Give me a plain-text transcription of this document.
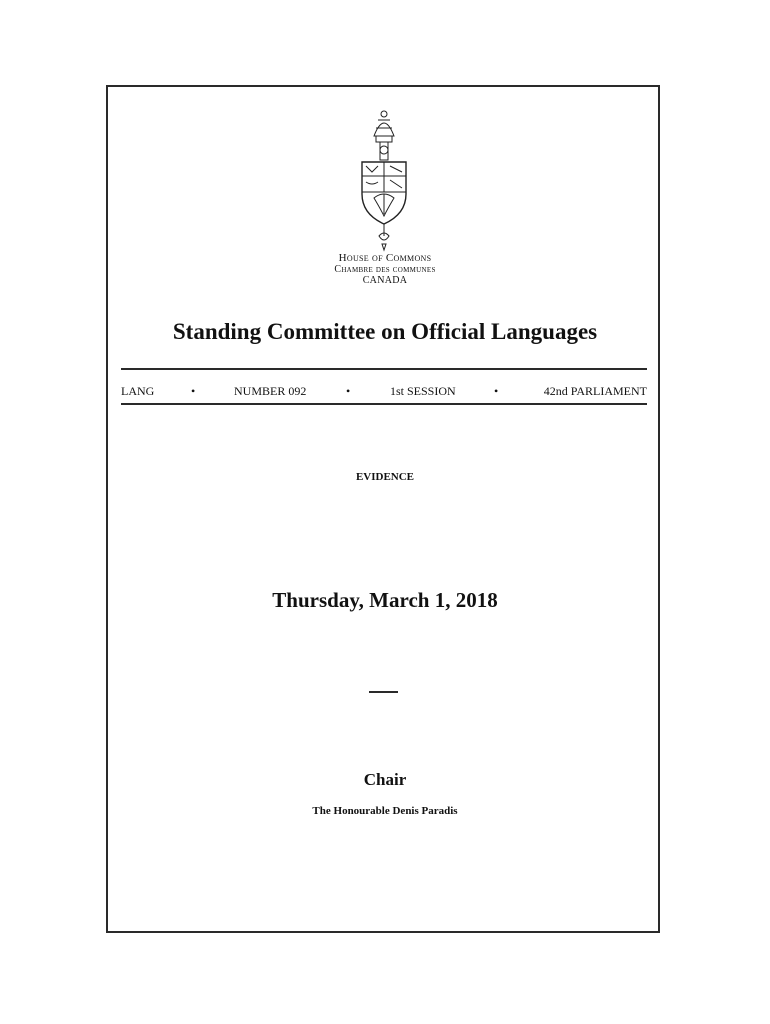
House of Commons
Chambre des communes
CANADA
Standing Committee on Official Languages
LANG	•	NUMBER 092	•	1st SESSION	•	42nd PARLIAMENT
EVIDENCE
Thursday, March 1, 2018
Chair
The Honourable Denis Paradis
